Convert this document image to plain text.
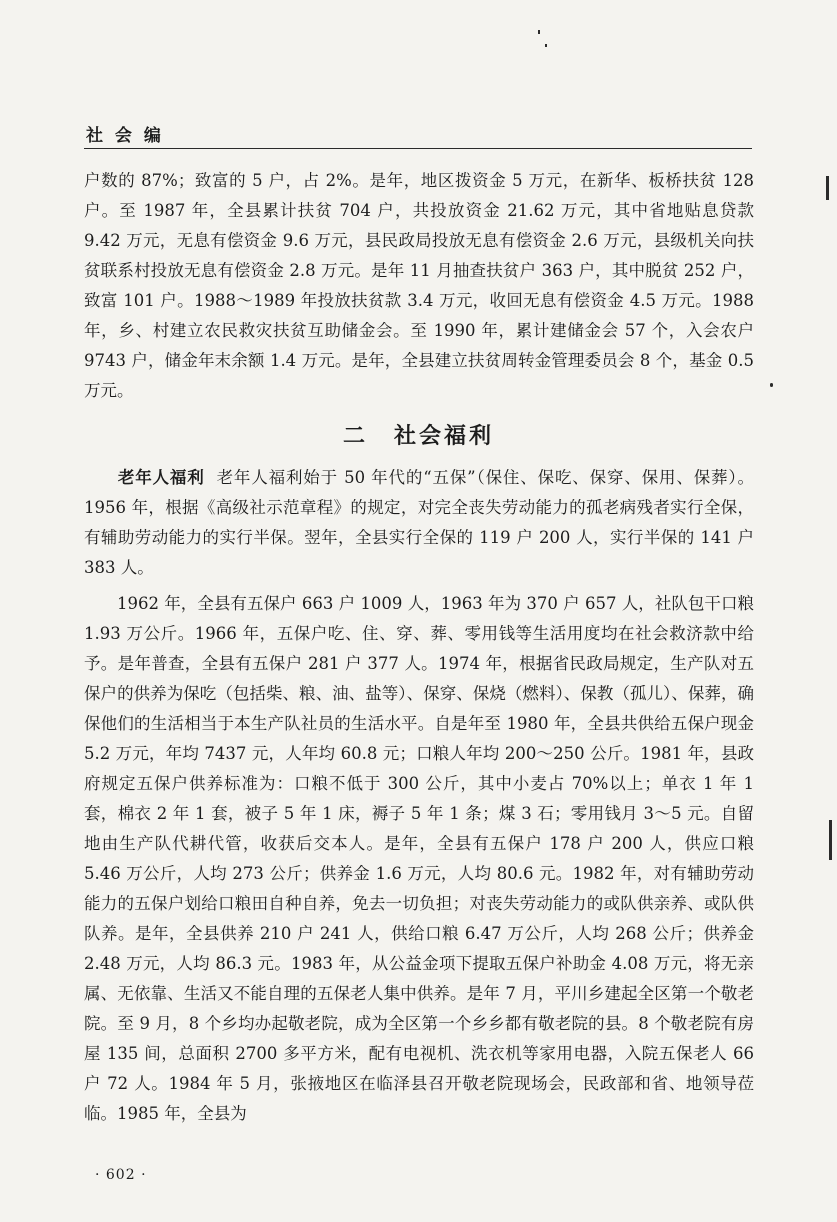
社 会 编
户数的 87%；致富的 5 户，占 2%。是年，地区拨资金 5 万元，在新华、板桥扶贫 128 户。至 1987 年，全县累计扶贫 704 户，共投放资金 21.62 万元，其中省地贴息贷款 9.42 万元，无息有偿资金 9.6 万元，县民政局投放无息有偿资金 2.6 万元，县级机关向扶贫联系村投放无息有偿资金 2.8 万元。是年 11 月抽查扶贫户 363 户，其中脱贫 252 户，致富 101 户。1988～1989 年投放扶贫款 3.4 万元，收回无息有偿资金 4.5 万元。1988 年，乡、村建立农民救灾扶贫互助储金会。至 1990 年，累计建储金会 57 个，入会农户 9743 户，储金年末余额 1.4 万元。是年，全县建立扶贫周转金管理委员会 8 个，基金 0.5 万元。
二 社会福利
老年人福利 老年人福利始于 50 年代的“五保”（保住、保吃、保穿、保用、保葬）。1956 年，根据《高级社示范章程》的规定，对完全丧失劳动能力的孤老病残者实行全保，有辅助劳动能力的实行半保。翌年，全县实行全保的 119 户 200 人，实行半保的 141 户 383 人。
1962 年，全县有五保户 663 户 1009 人，1963 年为 370 户 657 人，社队包干口粮 1.93 万公斤。1966 年，五保户吃、住、穿、葬、零用钱等生活用度均在社会救济款中给予。是年普查，全县有五保户 281 户 377 人。1974 年，根据省民政局规定，生产队对五保户的供养为保吃（包括柴、粮、油、盐等）、保穿、保烧（燃料）、保教（孤儿）、保葬，确保他们的生活相当于本生产队社员的生活水平。自是年至 1980 年，全县共供给五保户现金 5.2 万元，年均 7437 元，人年均 60.8 元；口粮人年均 200～250 公斤。1981 年，县政府规定五保户供养标准为：口粮不低于 300 公斤，其中小麦占 70%以上；单衣 1 年 1 套，棉衣 2 年 1 套，被子 5 年 1 床，褥子 5 年 1 条；煤 3 石；零用钱月 3～5 元。自留地由生产队代耕代管，收获后交本人。是年，全县有五保户 178 户 200 人，供应口粮 5.46 万公斤，人均 273 公斤；供养金 1.6 万元，人均 80.6 元。1982 年，对有辅助劳动能力的五保户划给口粮田自种自养，免去一切负担；对丧失劳动能力的或队供亲养、或队供队养。是年，全县供养 210 户 241 人，供给口粮 6.47 万公斤，人均 268 公斤；供养金 2.48 万元，人均 86.3 元。1983 年，从公益金项下提取五保户补助金 4.08 万元，将无亲属、无依靠、生活又不能自理的五保老人集中供养。是年 7 月，平川乡建起全区第一个敬老院。至 9 月，8 个乡均办起敬老院，成为全区第一个乡乡都有敬老院的县。8 个敬老院有房屋 135 间，总面积 2700 多平方米，配有电视机、洗衣机等家用电器，入院五保老人 66 户 72 人。1984 年 5 月，张掖地区在临泽县召开敬老院现场会，民政部和省、地领导莅临。1985 年，全县为
· 602 ·
